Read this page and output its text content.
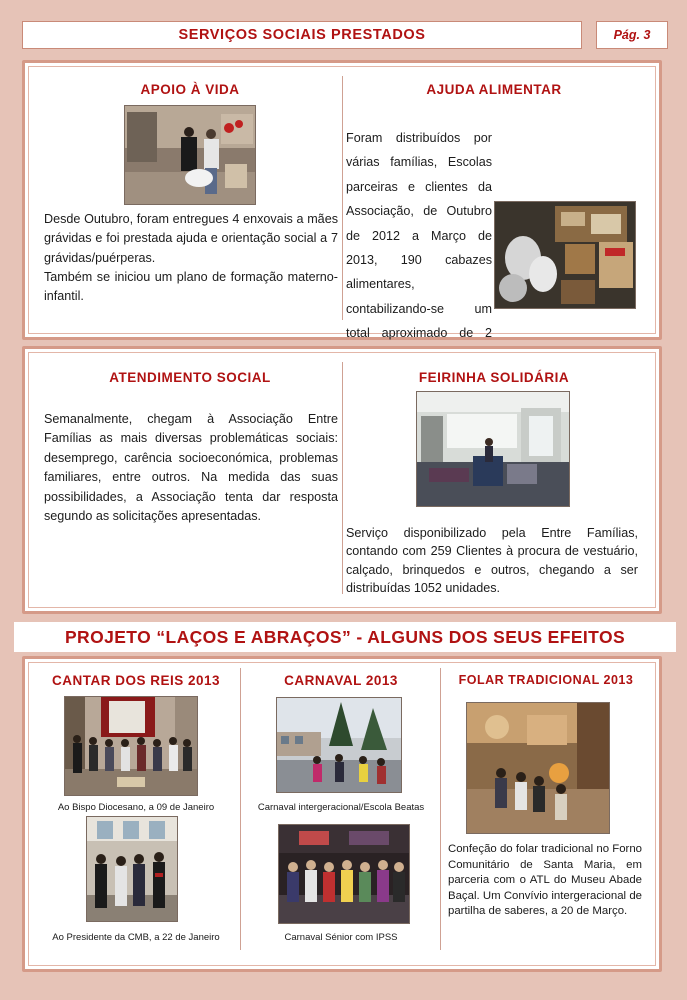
SERVIÇOS SOCIAIS PRESTADOS	Pág. 3
APOIO À VIDA
Desde Outubro, foram entregues 4 enxovais a mães grávidas e foi prestada ajuda e orientação social a 7 grávidas/puérperas.
Também se iniciou um plano de formação materno-infantil.
AJUDA ALIMENTAR
Foram distribuídos por várias famílias, Escolas parceiras e clientes da Associação, de Outubro de 2012 a Março de 2013, 190 cabazes alimentares, contabilizando-se um total aproximado de 2
ATENDIMENTO SOCIAL
Semanalmente, chegam à Associação Entre Famílias as mais diversas problemáticas sociais: desemprego, carência socioeconómica, problemas familiares, entre outros. Na medida das suas possibilidades, a Associação tenta dar resposta segundo as solicitações apresentadas.
FEIRINHA SOLIDÁRIA
Serviço disponibilizado pela Entre Famílias, contando com 259 Clientes à procura de vestuário, calçado, brinquedos e outros, chegando a ser distribuídas 1052 unidades.
PROJETO “LAÇOS E ABRAÇOS” - ALGUNS DOS SEUS EFEITOS
CANTAR DOS REIS 2013
Ao Bispo Diocesano, a 09 de Janeiro
Ao Presidente da CMB, a 22 de Janeiro
CARNAVAL 2013
Carnaval intergeracional/Escola Beatas
Carnaval Sénior com IPSS
FOLAR TRADICIONAL 2013
Confeção do folar tradicional no Forno Comunitário de Santa Maria, em parceria com o ATL do Museu Abade Baçal. Um Convívio intergeracional de partilha de saberes, a 20 de Março.
